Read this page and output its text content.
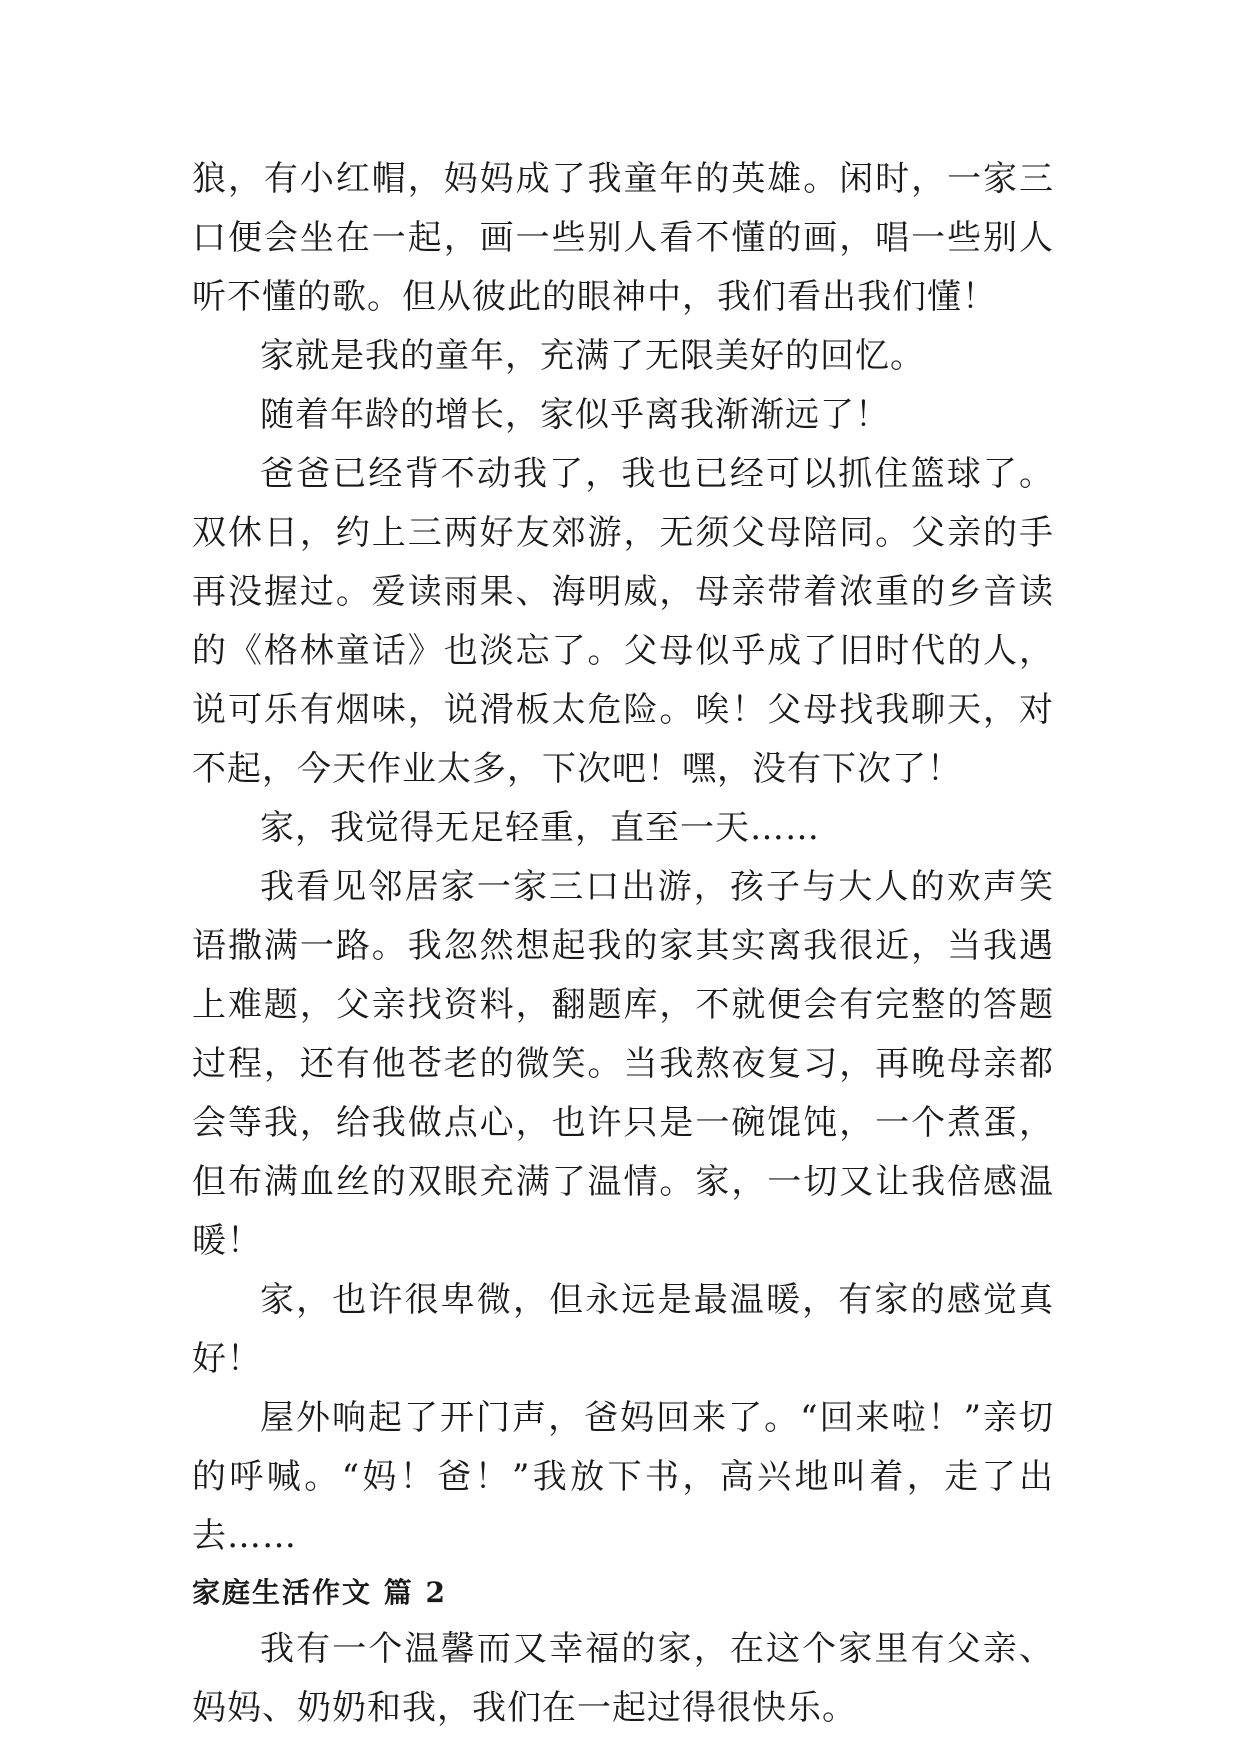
狼，有小红帽，妈妈成了我童年的英雄。闲时，一家三口便会坐在一起，画一些别人看不懂的画，唱一些别人听不懂的歌。但从彼此的眼神中，我们看出我们懂！

家就是我的童年，充满了无限美好的回忆。

随着年龄的增长，家似乎离我渐渐远了！

爸爸已经背不动我了，我也已经可以抓住篮球了。双休日，约上三两好友郊游，无须父母陪同。父亲的手再没握过。爱读雨果、海明威，母亲带着浓重的乡音读的《格林童话》也淡忘了。父母似乎成了旧时代的人，说可乐有烟味，说滑板太危险。唉！父母找我聊天，对不起，今天作业太多，下次吧！嘿，没有下次了！

家，我觉得无足轻重，直至一天……

我看见邻居家一家三口出游，孩子与大人的欢声笑语撒满一路。我忽然想起我的家其实离我很近，当我遇上难题，父亲找资料，翻题库，不就便会有完整的答题过程，还有他苍老的微笑。当我熬夜复习，再晚母亲都会等我，给我做点心，也许只是一碗馄饨，一个煮蛋，但布满血丝的双眼充满了温情。家，一切又让我倍感温暖！

家，也许很卑微，但永远是最温暖，有家的感觉真好！

屋外响起了开门声，爸妈回来了。“回来啦！”亲切的呼喊。“妈！爸！”我放下书，高兴地叫着，走了出去……

家庭生活作文 篇 2

我有一个温馨而又幸福的家，在这个家里有父亲、妈妈、奶奶和我，我们在一起过得很快乐。
